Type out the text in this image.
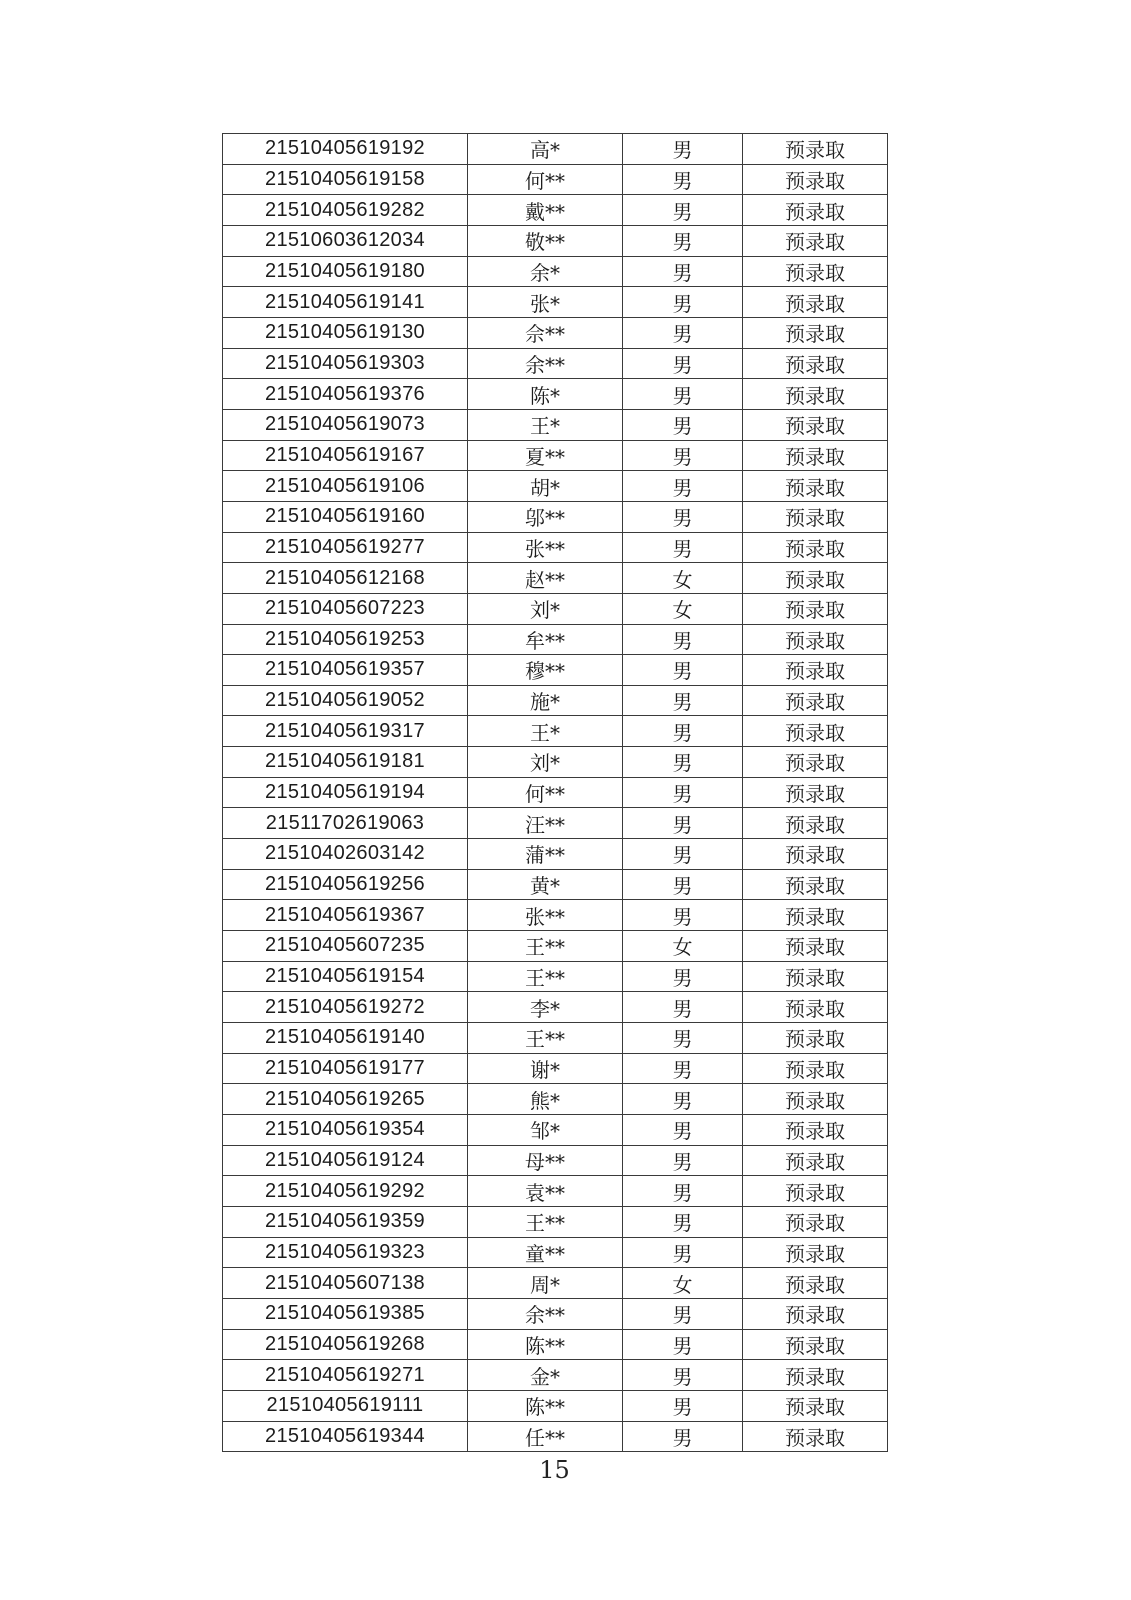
21510405619192	高*	男	预录取
21510405619158	何**	男	预录取
21510405619282	戴**	男	预录取
21510603612034	敬**	男	预录取
21510405619180	余*	男	预录取
21510405619141	张*	男	预录取
21510405619130	佘**	男	预录取
21510405619303	余**	男	预录取
21510405619376	陈*	男	预录取
21510405619073	王*	男	预录取
21510405619167	夏**	男	预录取
21510405619106	胡*	男	预录取
21510405619160	邬**	男	预录取
21510405619277	张**	男	预录取
21510405612168	赵**	女	预录取
21510405607223	刘*	女	预录取
21510405619253	牟**	男	预录取
21510405619357	穆**	男	预录取
21510405619052	施*	男	预录取
21510405619317	王*	男	预录取
21510405619181	刘*	男	预录取
21510405619194	何**	男	预录取
21511702619063	汪**	男	预录取
21510402603142	蒲**	男	预录取
21510405619256	黄*	男	预录取
21510405619367	张**	男	预录取
21510405607235	王**	女	预录取
21510405619154	王**	男	预录取
21510405619272	李*	男	预录取
21510405619140	王**	男	预录取
21510405619177	谢*	男	预录取
21510405619265	熊*	男	预录取
21510405619354	邹*	男	预录取
21510405619124	母**	男	预录取
21510405619292	袁**	男	预录取
21510405619359	王**	男	预录取
21510405619323	童**	男	预录取
21510405607138	周*	女	预录取
21510405619385	余**	男	预录取
21510405619268	陈**	男	预录取
21510405619271	金*	男	预录取
21510405619111	陈**	男	预录取
21510405619344	任**	男	预录取
15
